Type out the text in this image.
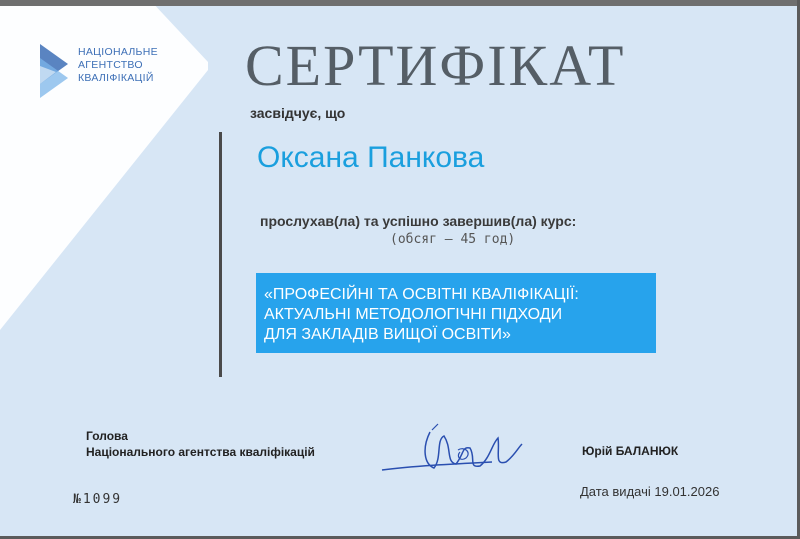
НАЦІОНАЛЬНЕ
АГЕНТСТВО
КВАЛІФІКАЦІЙ СЕРТИФІКАТ
засвідчує, що
Оксана Панкова
прослухав(ла) та успішно завершив(ла) курс:
(обсяг – 45 год)
«ПРОФЕСІЙНІ ТА ОСВІТНІ КВАЛІФІКАЦІЇ:
АКТУАЛЬНІ МЕТОДОЛОГІЧНІ ПІДХОДИ
ДЛЯ ЗАКЛАДІВ ВИЩОЇ ОСВІТИ»
Голова
Національного агентства кваліфікацій	Юрій БАЛАНЮК
№1099
Дата видачі 19.01.2026
